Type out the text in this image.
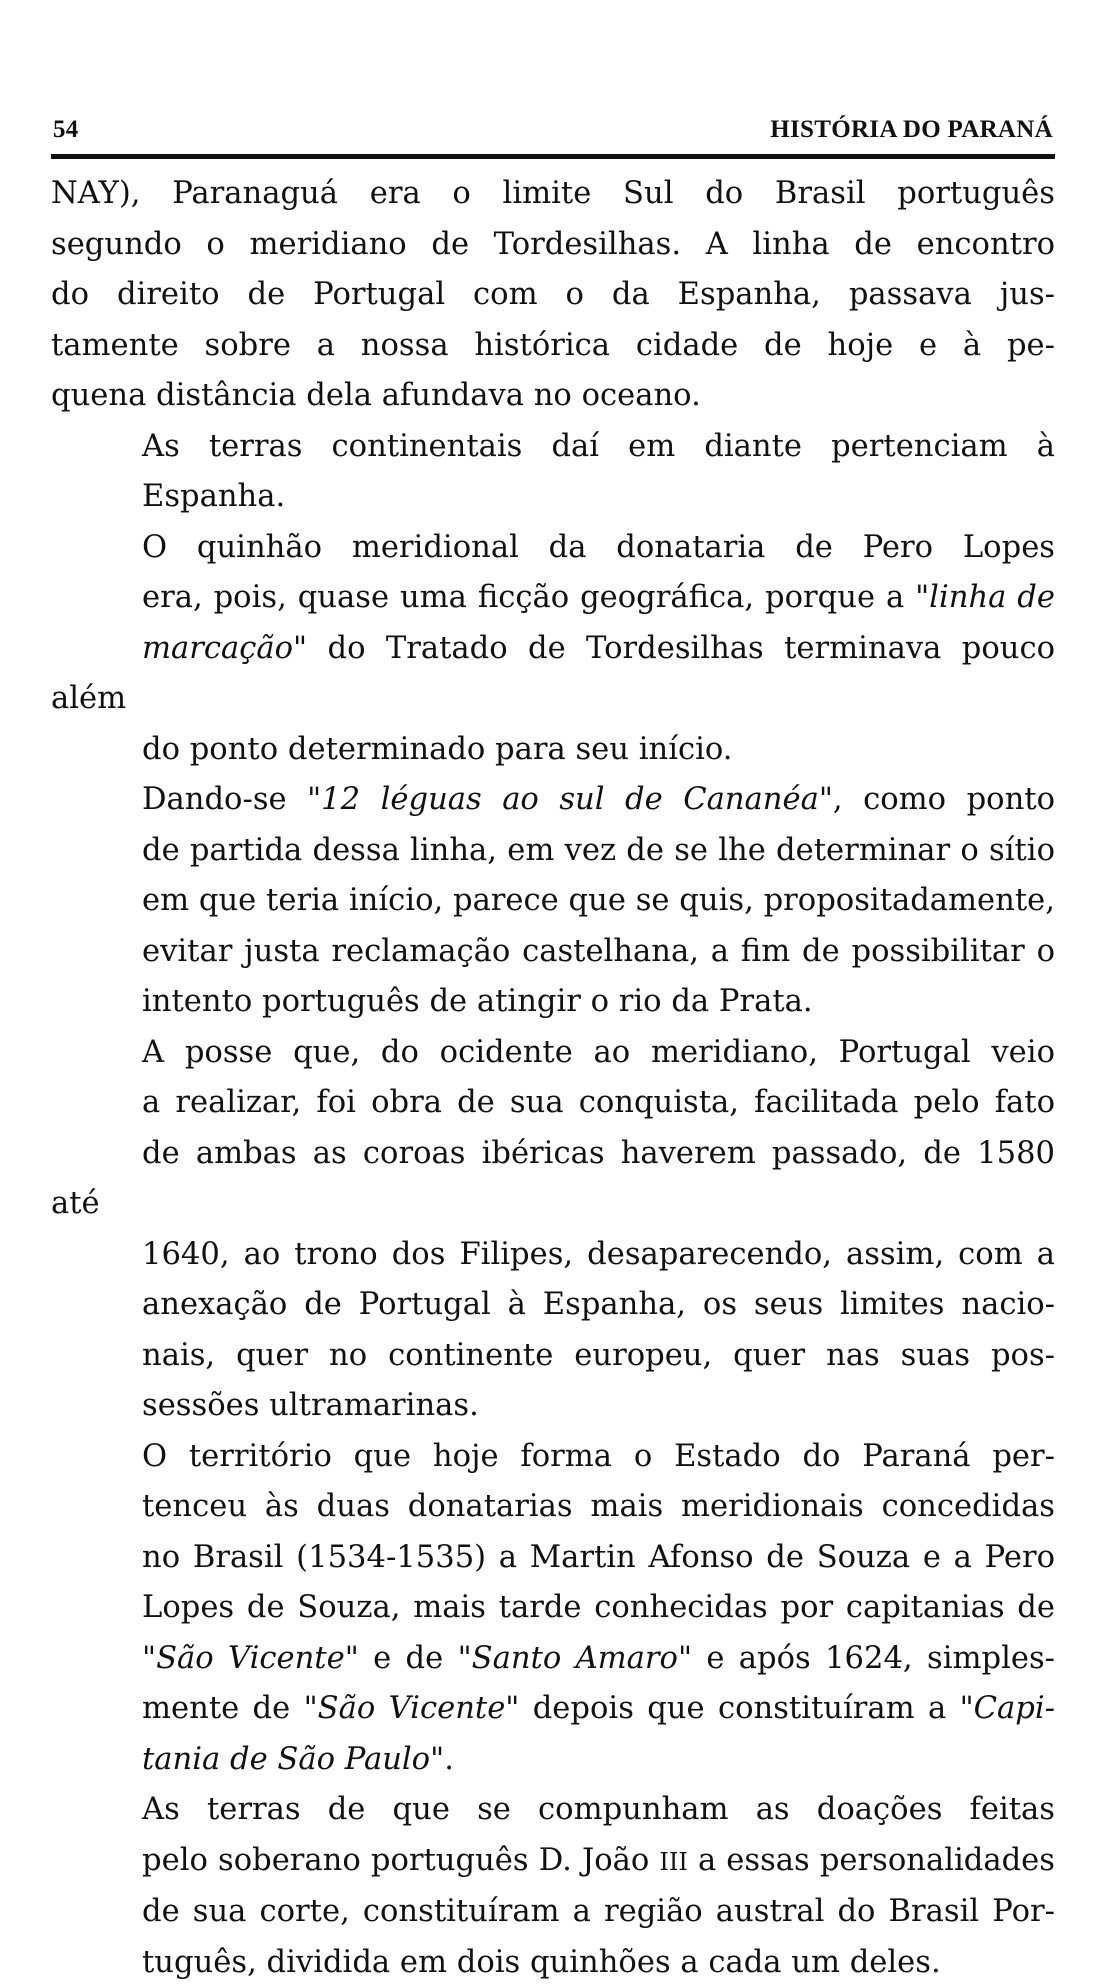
54	HISTÓRIA DO PARANÁ

NAY), Paranaguá era o limite Sul do Brasil português
segundo o meridiano de Tordesilhas. A linha de encontro
do direito de Portugal com o da Espanha, passava jus-
tamente sobre a nossa histórica cidade de hoje e à pe-
quena distância dela afundava no oceano.

As terras continentais daí em diante pertenciam à
Espanha.

O quinhão meridional da donataria de Pero Lopes
era, pois, quase uma ficção geográfica, porque a "linha de
marcação" do Tratado de Tordesilhas terminava pouco além
do ponto determinado para seu início.

Dando-se "12 léguas ao sul de Cananéa", como ponto
de partida dessa linha, em vez de se lhe determinar o sítio
em que teria início, parece que se quis, propositadamente,
evitar justa reclamação castelhana, a fim de possibilitar o
intento português de atingir o rio da Prata.

A posse que, do ocidente ao meridiano, Portugal veio
a realizar, foi obra de sua conquista, facilitada pelo fato
de ambas as coroas ibéricas haverem passado, de 1580 até
1640, ao trono dos Filipes, desaparecendo, assim, com a
anexação de Portugal à Espanha, os seus limites nacio-
nais, quer no continente europeu, quer nas suas pos-
sessões ultramarinas.

O território que hoje forma o Estado do Paraná per-
tenceu às duas donatarias mais meridionais concedidas
no Brasil (1534-1535) a Martin Afonso de Souza e a Pero
Lopes de Souza, mais tarde conhecidas por capitanias de
"São Vicente" e de "Santo Amaro" e após 1624, simples-
mente de "São Vicente" depois que constituíram a "Capi-
tania de São Paulo".

As terras de que se compunham as doações feitas
pelo soberano português D. João III a essas personalidades
de sua corte, constituíram a região austral do Brasil Por-
tuguês, dividida em dois quinhões a cada um deles.
